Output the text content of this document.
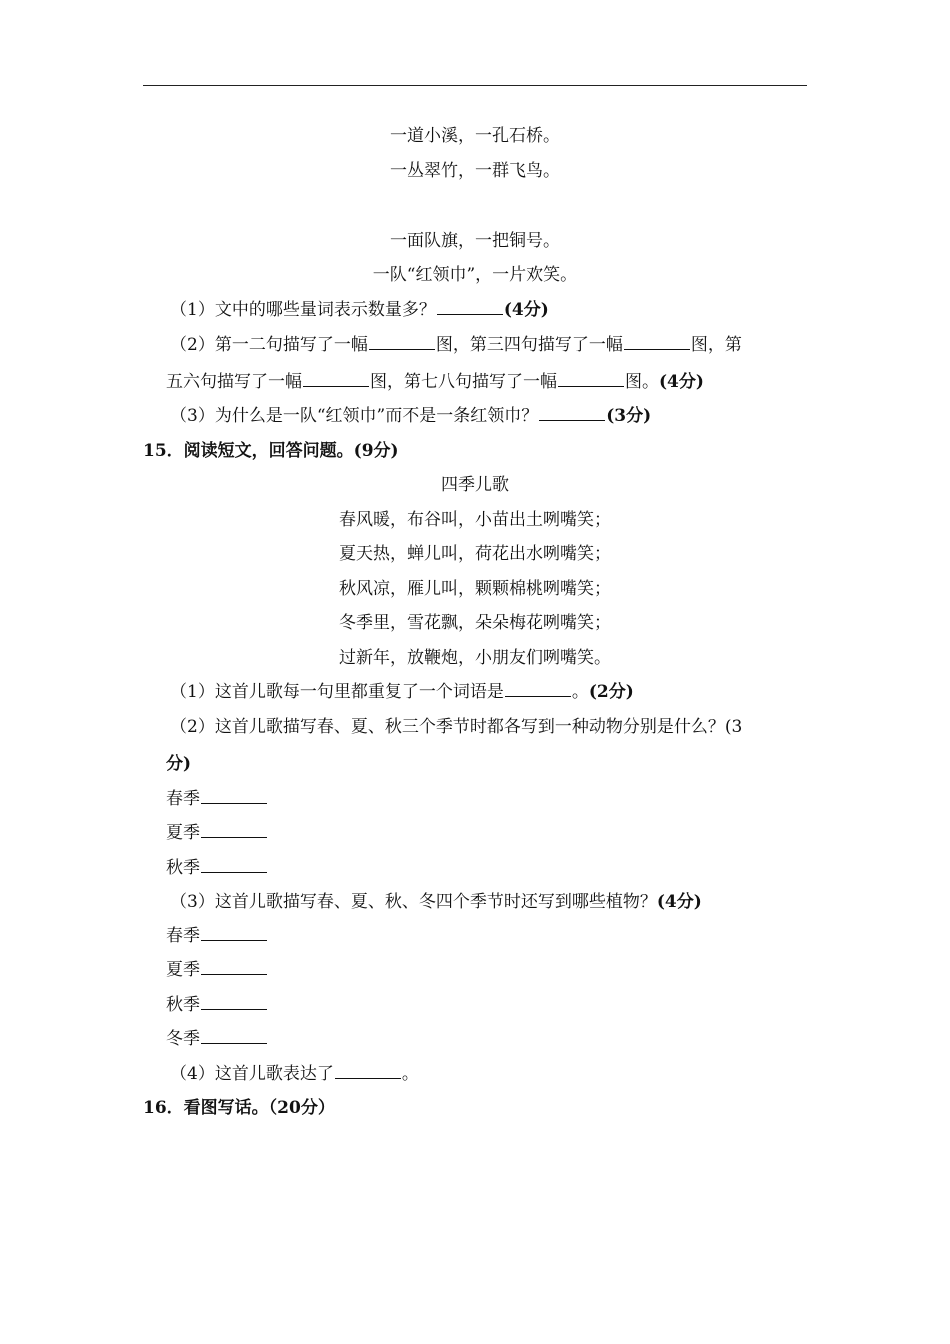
一道小溪，一孔石桥。
一丛翠竹，一群飞鸟。
一面队旗，一把铜号。
一队“红领巾”，一片欢笑。
（1）文中的哪些量词表示数量多？	(4分)
（2）第一二句描写了一幅	图，第三四句描写了一幅	图，第
五六句描写了一幅	图，第七八句描写了一幅	图。(4分)
（3）为什么是一队“红领巾”而不是一条红领巾？	(3分)
15．阅读短文，回答问题。(9分)
四季儿歌
春风暖，布谷叫，小苗出土咧嘴笑；
夏天热，蝉儿叫，荷花出水咧嘴笑；
秋风凉，雁儿叫，颗颗棉桃咧嘴笑；
冬季里，雪花飘，朵朵梅花咧嘴笑；
过新年，放鞭炮，小朋友们咧嘴笑。
（1）这首儿歌每一句里都重复了一个词语是	。(2分)
（2）这首儿歌描写春、夏、秋三个季节时都各写到一种动物分别是什么？(3
分)
春季
夏季
秋季
（3）这首儿歌描写春、夏、秋、冬四个季节时还写到哪些植物？(4分)
春季
夏季
秋季
冬季
（4）这首儿歌表达了	。
16．看图写话。（20分）
